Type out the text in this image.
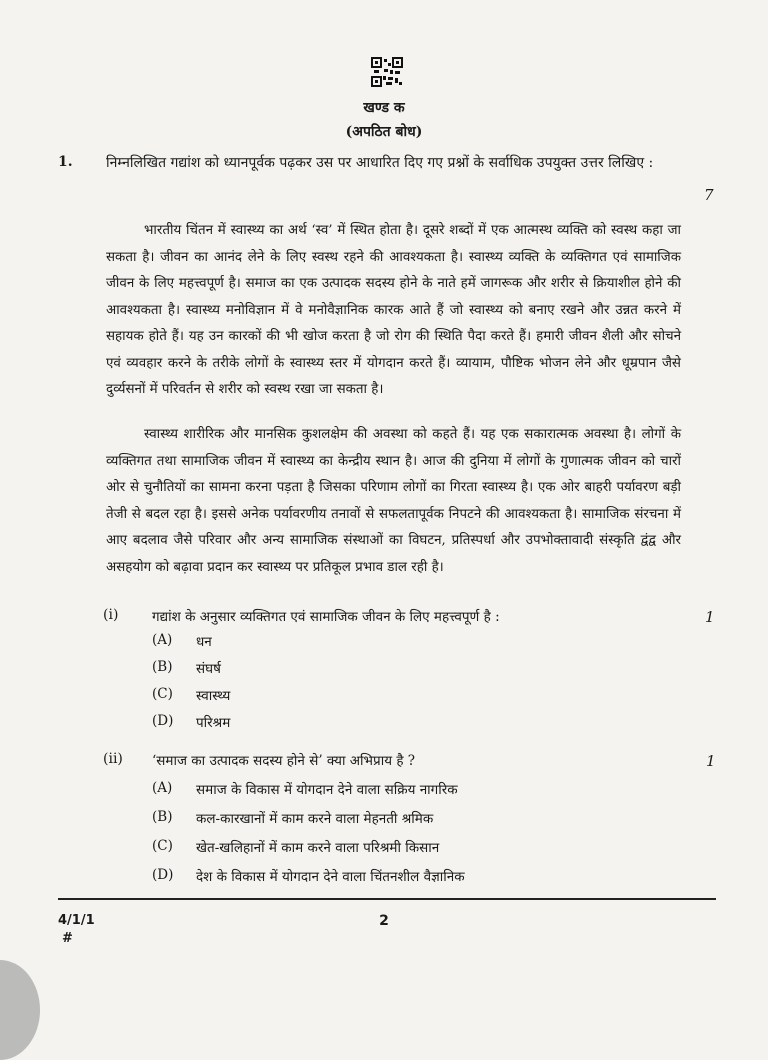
खण्ड क
(अपठित बोध)
1. निम्नलिखित गद्यांश को ध्यानपूर्वक पढ़कर उस पर आधारित दिए गए प्रश्नों के सर्वाधिक उपयुक्त उत्तर लिखिए :
7
भारतीय चिंतन में स्वास्थ्य का अर्थ ‘स्व’ में स्थित होता है। दूसरे शब्दों में एक आत्मस्थ व्यक्ति को स्वस्थ कहा जा सकता है। जीवन का आनंद लेने के लिए स्वस्थ रहने की आवश्यकता है। स्वास्थ्य व्यक्ति के व्यक्तिगत एवं सामाजिक जीवन के लिए महत्त्वपूर्ण है। समाज का एक उत्पादक सदस्य होने के नाते हमें जागरूक और शरीर से क्रियाशील होने की आवश्यकता है। स्वास्थ्य मनोविज्ञान में वे मनोवैज्ञानिक कारक आते हैं जो स्वास्थ्य को बनाए रखने और उन्नत करने में सहायक होते हैं। यह उन कारकों की भी खोज करता है जो रोग की स्थिति पैदा करते हैं। हमारी जीवन शैली और सोचने एवं व्यवहार करने के तरीके लोगों के स्वास्थ्य स्तर में योगदान करते हैं। व्यायाम, पौष्टिक भोजन लेने और धूम्रपान जैसे दुर्व्यसनों में परिवर्तन से शरीर को स्वस्थ रखा जा सकता है।
स्वास्थ्य शारीरिक और मानसिक कुशलक्षेम की अवस्था को कहते हैं। यह एक सकारात्मक अवस्था है। लोगों के व्यक्तिगत तथा सामाजिक जीवन में स्वास्थ्य का केन्द्रीय स्थान है। आज की दुनिया में लोगों के गुणात्मक जीवन को चारों ओर से चुनौतियों का सामना करना पड़ता है जिसका परिणाम लोगों का गिरता स्वास्थ्य है। एक ओर बाहरी पर्यावरण बड़ी तेजी से बदल रहा है। इससे अनेक पर्यावरणीय तनावों से सफलतापूर्वक निपटने की आवश्यकता है। सामाजिक संरचना में आए बदलाव जैसे परिवार और अन्य सामाजिक संस्थाओं का विघटन, प्रतिस्पर्धा और उपभोक्तावादी संस्कृति द्वंद्व और असहयोग को बढ़ावा प्रदान कर स्वास्थ्य पर प्रतिकूल प्रभाव डाल रही है।
(i) गद्यांश के अनुसार व्यक्तिगत एवं सामाजिक जीवन के लिए महत्त्वपूर्ण है :	1
(A)	धन
(B)	संघर्ष
(C)	स्वास्थ्य
(D)	परिश्रम
(ii) ‘समाज का उत्पादक सदस्य होने से’ क्या अभिप्राय है ?	1
(A)	समाज के विकास में योगदान देने वाला सक्रिय नागरिक
(B)	कल-कारखानों में काम करने वाला मेहनती श्रमिक
(C)	खेत-खलिहानों में काम करने वाला परिश्रमी किसान
(D)	देश के विकास में योगदान देने वाला चिंतनशील वैज्ञानिक
4/1/1
#
2
